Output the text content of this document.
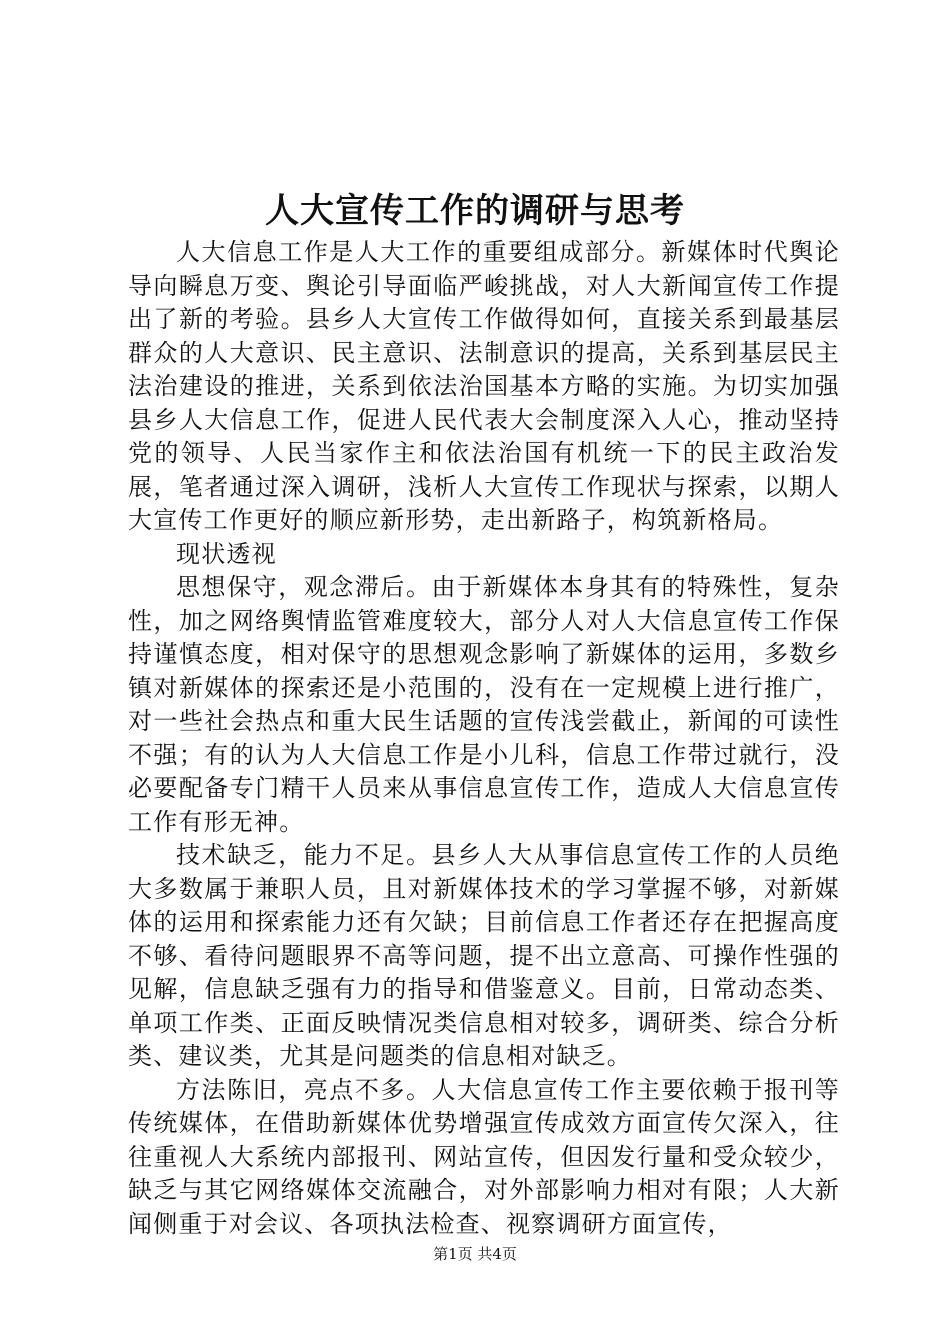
人大宣传工作的调研与思考

人大信息工作是人大工作的重要组成部分。新媒体时代舆论导向瞬息万变、舆论引导面临严峻挑战，对人大新闻宣传工作提出了新的考验。县乡人大宣传工作做得如何，直接关系到最基层群众的人大意识、民主意识、法制意识的提高，关系到基层民主法治建设的推进，关系到依法治国基本方略的实施。为切实加强县乡人大信息工作，促进人民代表大会制度深入人心，推动坚持党的领导、人民当家作主和依法治国有机统一下的民主政治发展，笔者通过深入调研，浅析人大宣传工作现状与探索，以期人大宣传工作更好的顺应新形势，走出新路子，构筑新格局。

现状透视

思想保守，观念滞后。由于新媒体本身其有的特殊性，复杂性，加之网络舆情监管难度较大，部分人对人大信息宣传工作保持谨慎态度，相对保守的思想观念影响了新媒体的运用，多数乡镇对新媒体的探索还是小范围的，没有在一定规模上进行推广，对一些社会热点和重大民生话题的宣传浅尝截止，新闻的可读性不强；有的认为人大信息工作是小儿科，信息工作带过就行，没必要配备专门精干人员来从事信息宣传工作，造成人大信息宣传工作有形无神。

技术缺乏，能力不足。县乡人大从事信息宣传工作的人员绝大多数属于兼职人员，且对新媒体技术的学习掌握不够，对新媒体的运用和探索能力还有欠缺；目前信息工作者还存在把握高度不够、看待问题眼界不高等问题，提不出立意高、可操作性强的见解，信息缺乏强有力的指导和借鉴意义。目前，日常动态类、单项工作类、正面反映情况类信息相对较多，调研类、综合分析类、建议类，尤其是问题类的信息相对缺乏。

方法陈旧，亮点不多。人大信息宣传工作主要依赖于报刊等传统媒体，在借助新媒体优势增强宣传成效方面宣传欠深入，往往重视人大系统内部报刊、网站宣传，但因发行量和受众较少，缺乏与其它网络媒体交流融合，对外部影响力相对有限；人大新闻侧重于对会议、各项执法检查、视察调研方面宣传，

第1页 共4页
